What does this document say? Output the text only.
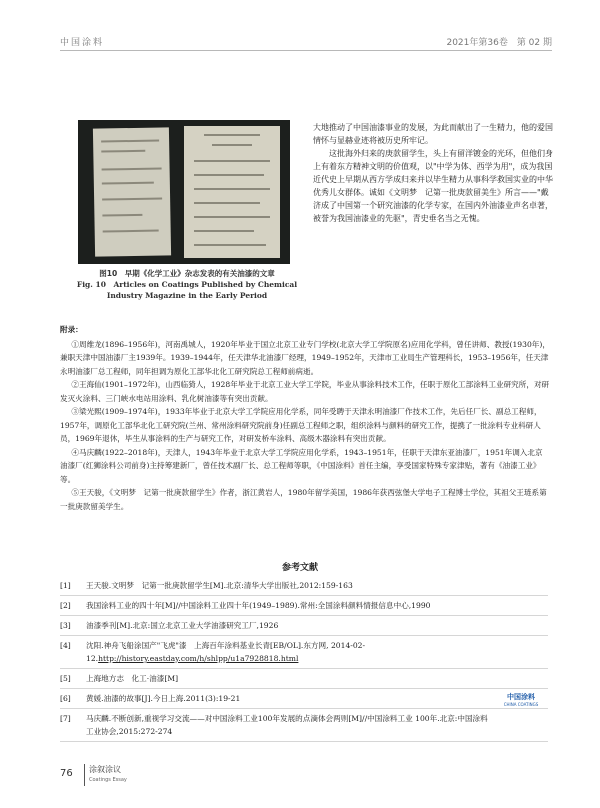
中国涂料	2021年第36卷　第 02 期
图10　早期《化学工业》杂志发表的有关油漆的文章
Fig. 10　Articles on Coatings Published by Chemical
Industry Magazine in the Early Period

大地推动了中国油漆事业的发展，为此而献出了一生精力，他的爱国情怀与显赫业迹将被历史所牢记。

这批海外归来的庚款留学生，头上有留洋镀金的光环，但他们身上有着东方精神文明的价值观，以"中学为体、西学为用"，成为我国近代史上早期从西方学成归来并以毕生精力从事科学救国实业的中华优秀儿女群体。诚如《文明梦　记第一批庚款留美生》所言——"戴济成了中国第一个研究油漆的化学专家，在国内外油漆业声名卓著，被誉为我国油漆业的先驱"，青史垂名当之无愧。

附录：

①周维龙(1896–1956年)，河南禹城人，1920年毕业于国立北京工业专门学校(北京大学工学院原名)应用化学科，曾任讲师、教授(1930年)，兼职天津中国油漆厂主1939年。1939–1944年，任天津华北油漆厂经理，1949–1952年，天津市工业局生产管理科长，1953–1956年，任天津永明油漆厂总工程师，同年担调为原化工部华北化工研究院总工程师前病逝。

②王海仙(1901–1972年)，山西临猗人，1928年毕业于北京工业大学工学院，毕业从事涂料技术工作，任职于原化工部涂料工业研究所，对研发灭火涂料、三门峡水电站用涂料、乳化树油漆等有突出贡献。

③梁光熙(1909–1974年)，1933年毕业于北京大学工学院应用化学系，同年受聘于天津永明油漆厂作技术工作，先后任厂长、副总工程师，1957年，调原化工部华北化工研究院(兰州、常州涂料研究院前身)任副总工程师之职，组织涂料与颜料的研究工作，提携了一批涂料专业科研人员，1969年退休，毕生从事涂料的生产与研究工作，对研发桥车涂料、高级木器涂料有突出贡献。

④马庆麟(1922–2018年)，天津人，1943年毕业于北京大学工学院应用化学系，1943–1951年，任职于天津东亚油漆厂，1951年调入北京油漆厂(红狮涂料公司前身)主持筹建新厂，曾任技术副厂长、总工程师等职，《中国涂料》首任主编，享受国家特殊专家津贴，著有《油漆工业》等。

⑤王天骏，《文明梦　记第一批庚款留学生》作者，浙江黄岩人，1980年留学美国，1986年获西弦堡大学电子工程博士学位，其祖父王琏系第一批庚款留美学生。

参考文献
[1]	王天骏.文明梦　记第一批庚款留学生[M].北京:清华大学出版社,2012:159-163
[2]	我国涂料工业的四十年[M]//中国涂料工业四十年(1949–1989).常州:全国涂料颜料情报信息中心,1990
[3]	油漆季刊[M].北京:国立北京工业大学油漆研究工厂,1926
[4]	沈阳.神舟飞船涂国产"飞虎"漆　上海百年涂料基业长青[EB/OL].东方网, 2014-02-12.http://history.eastday.com/h/shlpp/u1a7928818.html
[5]	上海地方志　化工·油漆[M]
[6]	黄媛.油漆的故事[J].今日上海.2011(3):19-21
[7]	马庆麟.不断创新,重视学习交流——对中国涂料工业100年发展的点滴体会两则[M]//中国涂料工业 100年.北京:中国涂料工业协会,2015:272-274
中国涂料
CHINA COATINGS
76 涂叙涂议
Coatings Essay
